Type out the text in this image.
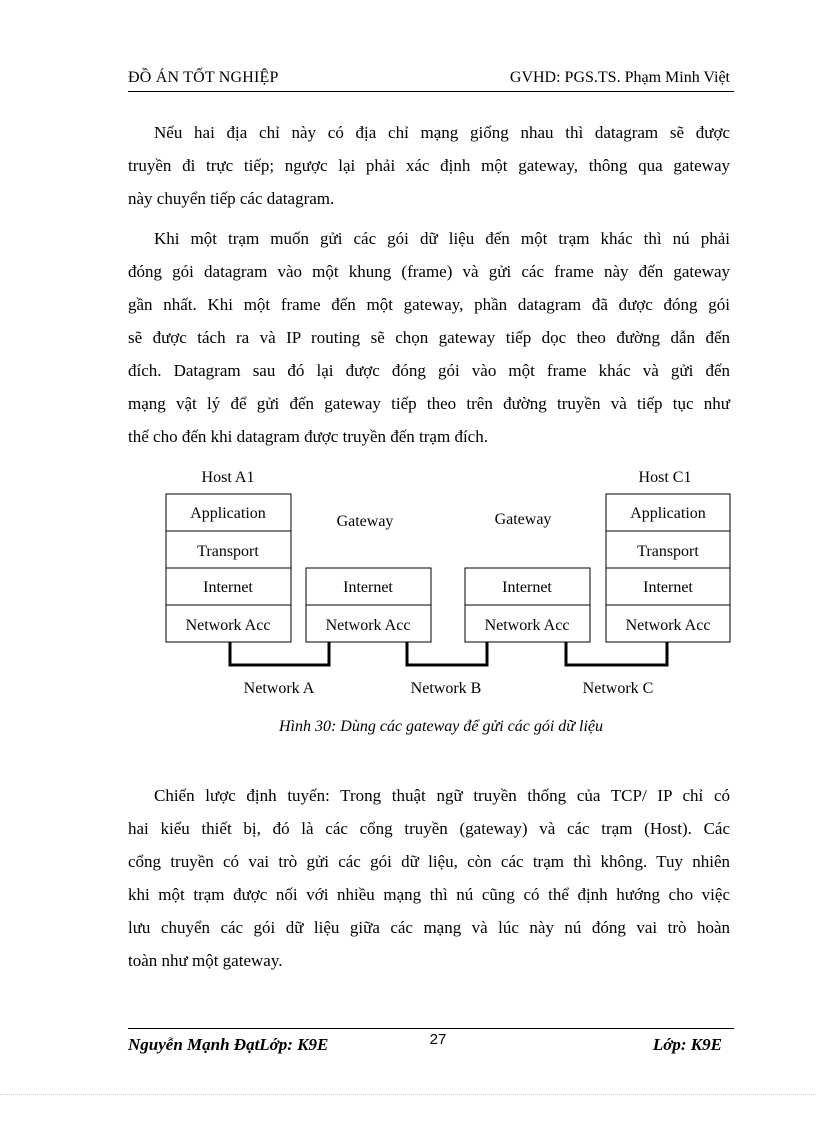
ĐỒ ÁN TỐT NGHIỆP	GVHD: PGS.TS. Phạm Minh Việt
Nếu hai địa chỉ này có địa chỉ mạng giống nhau thì datagram sẽ được
truyền đi trực tiếp; ngược lại phải xác định một gateway, thông qua gateway
này chuyển tiếp các datagram.
Khi một trạm muốn gửi các gói dữ liệu đến một trạm khác thì nú phải
đóng gói datagram vào một khung (frame) và gửi các frame này đến gateway
gần nhất. Khi một frame đến một gateway, phần datagram đã được đóng gói
sẽ được tách ra và IP routing sẽ chọn gateway tiếp dọc theo đường dẫn đến
đích. Datagram sau đó lại được đóng gói vào một frame khác và gửi đến
mạng vật lý để gửi đến gateway tiếp theo trên đường truyền và tiếp tục như
thế cho đến khi datagram được truyền đến trạm đích.
Host A1	Host C1
Gateway	Gateway
Application
Transport
Internet
Network Acc
Internet
Network Acc
Internet
Network Acc
Application
Transport
Internet
Network Acc
Network A	Network B	Network C
Hình 30: Dùng các gateway để gửi các gói dữ liệu
Chiến lược định tuyến: Trong thuật ngữ truyền thống của TCP/ IP chỉ có
hai kiểu thiết bị, đó là các cổng truyền (gateway) và các trạm (Host). Các
cổng truyền có vai trò gửi các gói dữ liệu, còn các trạm thì không. Tuy nhiên
khi một trạm được nối với nhiều mạng thì nú cũng có thể định hướng cho việc
lưu chuyển các gói dữ liệu giữa các mạng và lúc này nú đóng vai trò hoàn
toàn như một gateway.
Nguyễn Mạnh ĐạtLớp: K9E	27	Lớp: K9E
